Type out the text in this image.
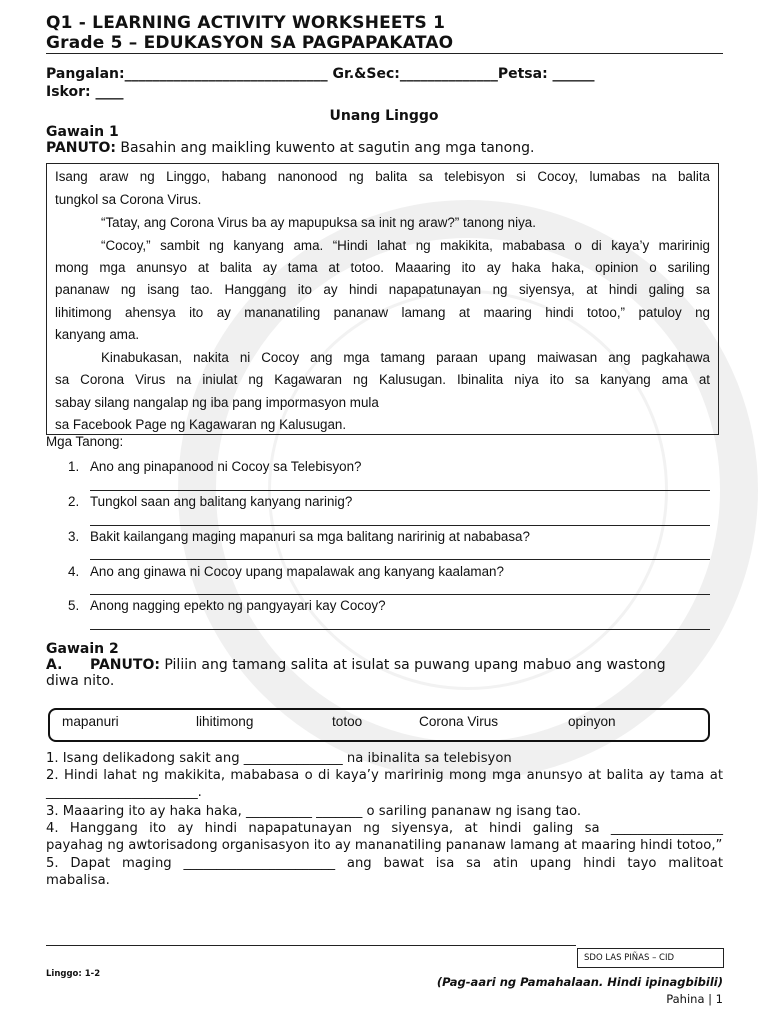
Q1 - LEARNING ACTIVITY WORKSHEETS 1
Grade 5 – EDUKASYON SA PAGPAPAKATAO
Pangalan:_____________________________ Gr.&Sec:______________Petsa: ______
Iskor: ____
Unang Linggo
Gawain 1
PANUTO: Basahin ang maikling kuwento at sagutin ang mga tanong.
Isang araw ng Linggo, habang nanonood ng balita sa telebisyon si Cocoy, lumabas na balita
tungkol sa Corona Virus.
“Tatay, ang Corona Virus ba ay mapupuksa sa init ng araw?” tanong niya.
“Cocoy,” sambit ng kanyang ama. “Hindi lahat ng makikita, mababasa o di kaya’y maririnig
mong mga anunsyo at balita ay tama at totoo. Maaaring ito ay haka haka, opinion o sariling
pananaw ng isang tao. Hanggang ito ay hindi napapatunayan ng siyensya, at hindi galing sa
lihitimong ahensya ito ay mananatiling pananaw lamang at maaring hindi totoo,” patuloy ng
kanyang ama.
Kinabukasan, nakita ni Cocoy ang mga tamang paraan upang maiwasan ang pagkahawa
sa Corona Virus na iniulat ng Kagawaran ng Kalusugan. Ibinalita niya ito sa kanyang ama at
sabay silang nangalap ng iba pang impormasyon mula
sa Facebook Page ng Kagawaran ng Kalusugan.
Mga Tanong:
1. Ano ang pinapanood ni Cocoy sa Telebisyon?
2. Tungkol saan ang balitang kanyang narinig?
3. Bakit kailangang maging mapanuri sa mga balitang naririnig at nababasa?
4. Ano ang ginawa ni Cocoy upang mapalawak ang kanyang kaalaman?
5. Anong nagging epekto ng pangyayari kay Cocoy?
Gawain 2
A. PANUTO: Piliin ang tamang salita at isulat sa puwang upang mabuo ang wastong
diwa nito.
mapanuri	lihitimong	totoo	Corona Virus	opinyon
1. Isang delikadong sakit ang _______________ na ibinalita sa telebisyon
2. Hindi lahat ng makikita, mababasa o di kaya’y maririnig mong mga anunsyo at balita ay tama at
_______________________.
3. Maaaring ito ay haka haka, __________ _______ o sariling pananaw ng isang tao.
4. Hanggang ito ay hindi napapatunayan ng siyensya, at hindi galing sa _________________
payahag ng awtorisadong organisasyon ito ay mananatiling pananaw lamang at maaring hindi totoo,”
5. Dapat maging _______________________ ang bawat isa sa atin upang hindi tayo malitoat
mabalisa.
SDO LAS PIÑAS – CID
Linggo: 1-2
(Pag-aari ng Pamahalaan. Hindi ipinagbibili)
Pahina | 1
